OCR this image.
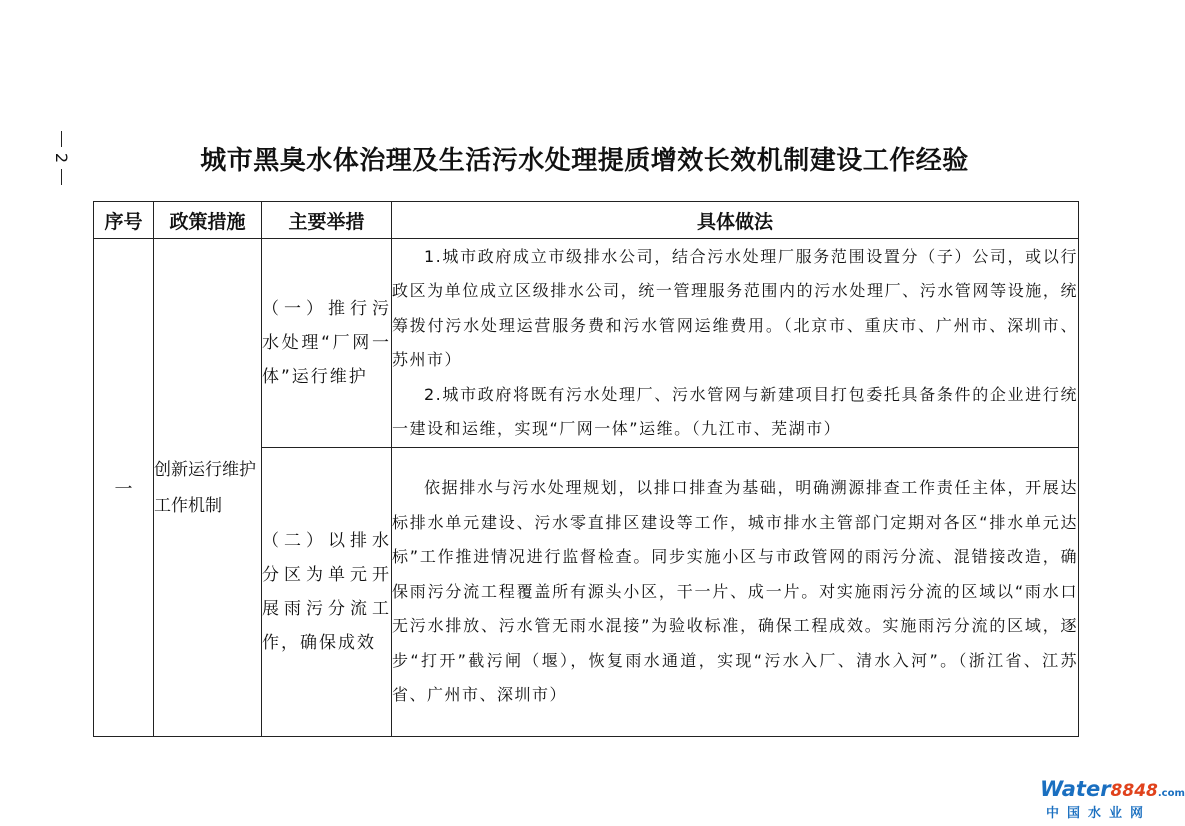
2	城市黑臭水体治理及生活污水处理提质增效长效机制建设工作经验
序号	政策措施	主要举措	具体做法
一	创新运行维护工作机制	（一）推行污水处理“厂网一体”运行维护	1.城市政府成立市级排水公司，结合污水处理厂服务范围设置分（子）公司，或以行政区为单位成立区级排水公司，统一管理服务范围内的污水处理厂、污水管网等设施，统筹拨付污水处理运营服务费和污水管网运维费用。（北京市、重庆市、广州市、深圳市、苏州市）

2.城市政府将既有污水处理厂、污水管网与新建项目打包委托具备条件的企业进行统一建设和运维，实现“厂网一体”运维。（九江市、芜湖市）

		（二）以排水分区为单元开展雨污分流工作，确保成效	依据排水与污水处理规划，以排口排查为基础，明确溯源排查工作责任主体，开展达标排水单元建设、污水零直排区建设等工作，城市排水主管部门定期对各区“排水单元达标”工作推进情况进行监督检查。同步实施小区与市政管网的雨污分流、混错接改造，确保雨污分流工程覆盖所有源头小区，干一片、成一片。对实施雨污分流的区域以“雨水口无污水排放、污水管无雨水混接”为验收标准，确保工程成效。实施雨污分流的区域，逐步“打开”截污闸（堰），恢复雨水通道，实现“污水入厂、清水入河”。（浙江省、江苏省、广州市、深圳市）

Water8848.com
中国水业网
